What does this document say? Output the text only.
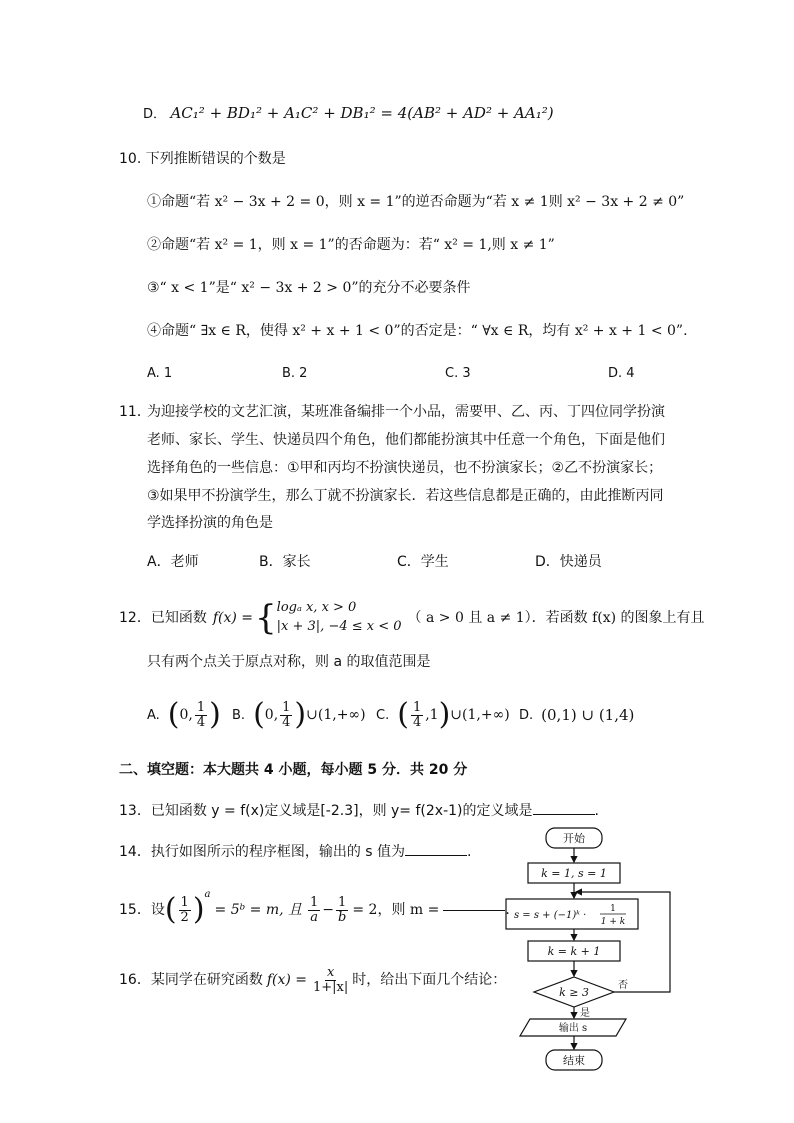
D． AC₁² + BD₁² + A₁C² + DB₁² = 4(AB² + AD² + AA₁²)
10. 下列推断错误的个数是
①命题“若 x² − 3x + 2 = 0，则 x = 1”的逆否命题为“若 x ≠ 1则 x² − 3x + 2 ≠ 0”
②命题“若 x² = 1，则 x = 1”的否命题为：若“ x² = 1,则 x ≠ 1”
③“ x < 1”是“ x² − 3x + 2 > 0”的充分不必要条件
④命题“ ∃x ∈ R，使得 x² + x + 1 < 0”的否定是：“ ∀x ∈ R，均有 x² + x + 1 < 0”.
A. 1	B. 2	C. 3	D. 4
11．
为迎接学校的文艺汇演，某班准备编排一个小品，需要甲、乙、丙、丁四位同学扮演
老师、家长、学生、快递员四个角色，他们都能扮演其中任意一个角色，下面是他们
选择角色的一些信息：①甲和丙均不扮演快递员，也不扮演家长；②乙不扮演家长；
③如果甲不扮演学生，那么丁就不扮演家长．若这些信息都是正确的，由此推断丙同
学选择扮演的角色是
A．老师	B．家长	C．学生	D．快递员
12． 已知函数 f(x) = { logₐ x, x > 0
|x + 3|, −4 ≤ x < 0
（ a > 0 且 a ≠ 1）．若函数 f(x) 的图象上有且
只有两个点关于原点对称，则 a 的取值范围是
A. ( 0, $\frac{1}{4}$ ) B. ( 0, $\frac{1}{4}$ ) ∪(1,+∞) C. ( $\frac{1}{4} ,1$ ) ∪(1,+∞) D. (0,1) ∪ (1,4)
二、填空题：本大题共 4 小题，每小题 5 分．共 20 分
13．已知函数 y = f(x)定义域是[-2.3]，则 y= f(2x-1)的定义域是	.
14．执行如图所示的程序框图，输出的 s 值为	.
15． 设 ( $\frac{1}{2}$ ) a
= 5ᵇ = m, 且 $\frac{1}{a} - \frac{1}{b} = 2$，则 m =	.
16． 某同学在研究函数 $f(x) = \frac{x}{1+|x|}$ 时，给出下面几个结论：
开始
k = 1, s = 1
s = s + (−1)ᵏ ·
1
1 + k
k = k + 1
k ≥ 3
否
是
输出 s
结束
